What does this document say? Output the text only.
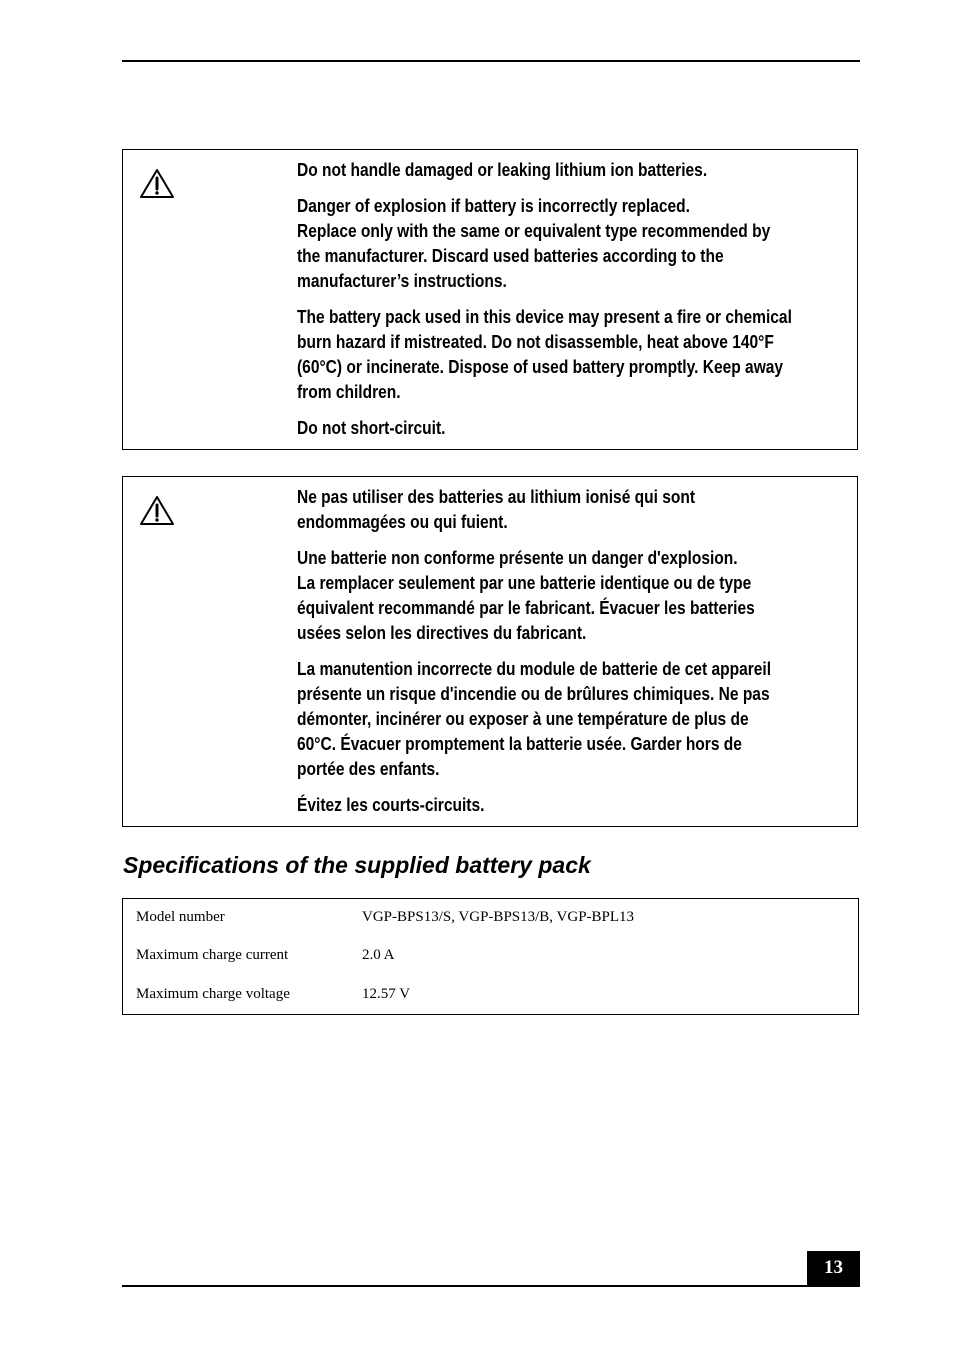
Do not handle damaged or leaking lithium ion batteries.

Danger of explosion if battery is incorrectly replaced.
Replace only with the same or equivalent type recommended by
the manufacturer. Discard used batteries according to the
manufacturer’s instructions.

The battery pack used in this device may present a fire or chemical
burn hazard if mistreated. Do not disassemble, heat above 140°F
(60°C) or incinerate. Dispose of used battery promptly. Keep away
from children.

Do not short-circuit.

Ne pas utiliser des batteries au lithium ionisé qui sont
endommagées ou qui fuient.

Une batterie non conforme présente un danger d'explosion.
La remplacer seulement par une batterie identique ou de type
équivalent recommandé par le fabricant. Évacuer les batteries
usées selon les directives du fabricant.

La manutention incorrecte du module de batterie de cet appareil
présente un risque d'incendie ou de brûlures chimiques. Ne pas
démonter, incinérer ou exposer à une température de plus de
60°C. Évacuer promptement la batterie usée. Garder hors de
portée des enfants.

Évitez les courts-circuits.

Specifications of the supplied battery pack
Model number	VGP-BPS13/S, VGP-BPS13/B, VGP-BPL13
Maximum charge current	2.0 A
Maximum charge voltage	12.57 V
13
